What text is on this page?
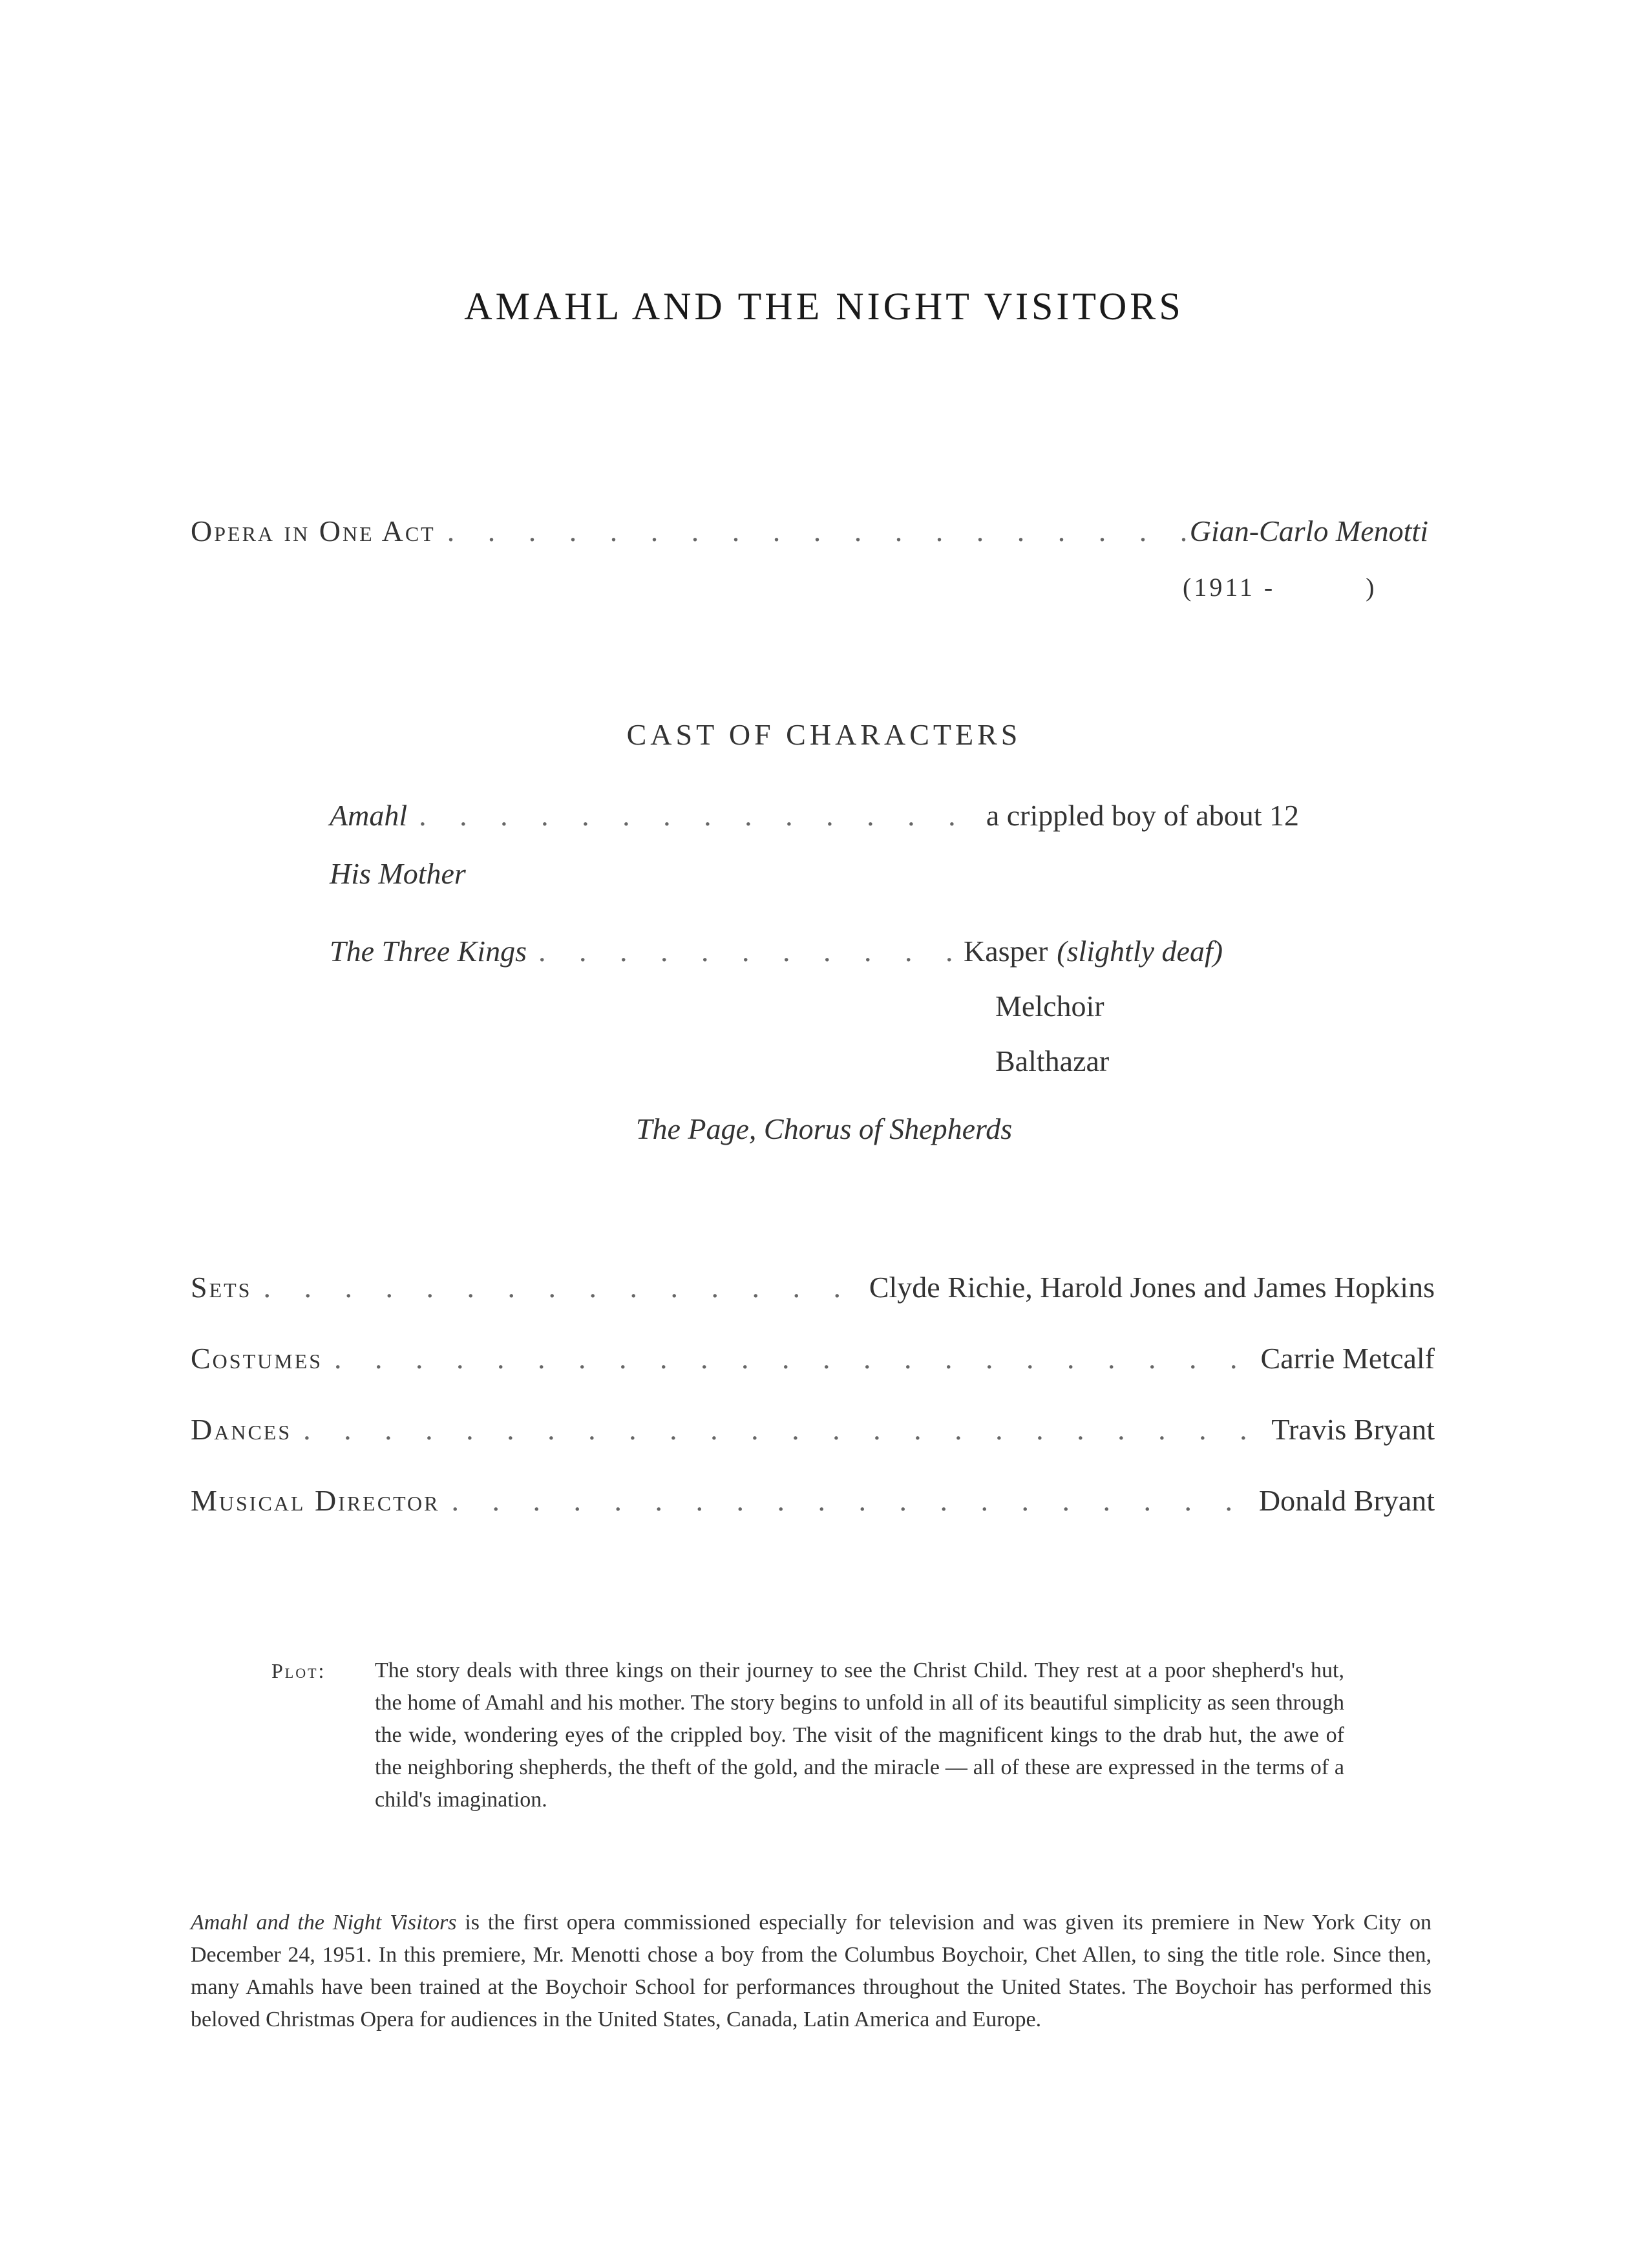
AMAHL AND THE NIGHT VISITORS
Opera in One Act . . .	Gian-Carlo Menotti
(1911 -          )
CAST OF CHARACTERS
Amahl . . .	a crippled boy of about 12
His Mother
The Three Kings . . .	Kasper (slightly deaf)
Melchoir
Balthazar
The Page, Chorus of Shepherds
Sets . . .	Clyde Richie, Harold Jones and James Hopkins
Costumes . . .	Carrie Metcalf
Dances . . .	Travis Bryant
Musical Director . . .	Donald Bryant
Plot: The story deals with three kings on their journey to see the Christ Child. They rest at a poor shepherd's hut, the home of Amahl and his mother. The story begins to unfold in all of its beautiful simplicity as seen through the wide, wondering eyes of the crippled boy. The visit of the magnificent kings to the drab hut, the awe of the neighboring shepherds, the theft of the gold, and the miracle — all of these are expressed in the terms of a child's imagination.
Amahl and the Night Visitors is the first opera commissioned especially for television and was given its premiere in New York City on December 24, 1951. In this premiere, Mr. Menotti chose a boy from the Columbus Boychoir, Chet Allen, to sing the title role. Since then, many Amahls have been trained at the Boychoir School for performances throughout the United States. The Boychoir has performed this beloved Christmas Opera for audiences in the United States, Canada, Latin America and Europe.
